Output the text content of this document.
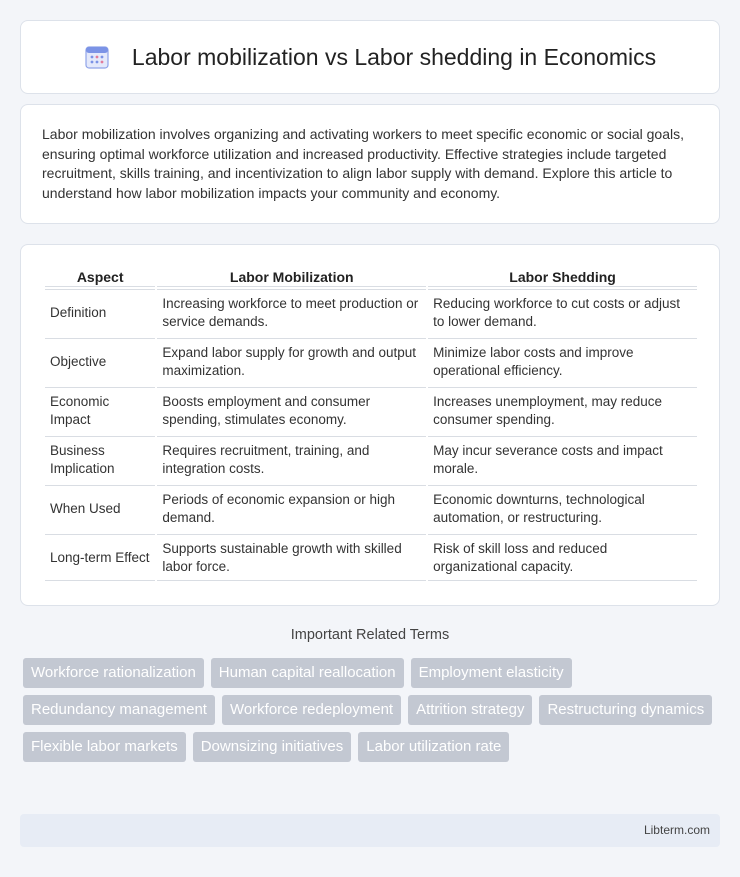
Labor mobilization vs Labor shedding in Economics

Labor mobilization involves organizing and activating workers to meet specific economic or social goals, ensuring optimal workforce utilization and increased productivity. Effective strategies include targeted recruitment, skills training, and incentivization to align labor supply with demand. Explore this article to understand how labor mobilization impacts your community and economy.

Aspect	Labor Mobilization	Labor Shedding
Definition	Increasing workforce to meet production or service demands.	Reducing workforce to cut costs or adjust to lower demand.
Objective	Expand labor supply for growth and output maximization.	Minimize labor costs and improve operational efficiency.
Economic Impact	Boosts employment and consumer spending, stimulates economy.	Increases unemployment, may reduce consumer spending.
Business Implication	Requires recruitment, training, and integration costs.	May incur severance costs and impact morale.
When Used	Periods of economic expansion or high demand.	Economic downturns, technological automation, or restructuring.
Long-term Effect	Supports sustainable growth with skilled labor force.	Risk of skill loss and reduced organizational capacity.
Important Related Terms
Workforce rationalization	Human capital reallocation	Employment elasticity
Redundancy management	Workforce redeployment	Attrition strategy	Restructuring dynamics
Flexible labor markets	Downsizing initiatives	Labor utilization rate
Libterm.com
